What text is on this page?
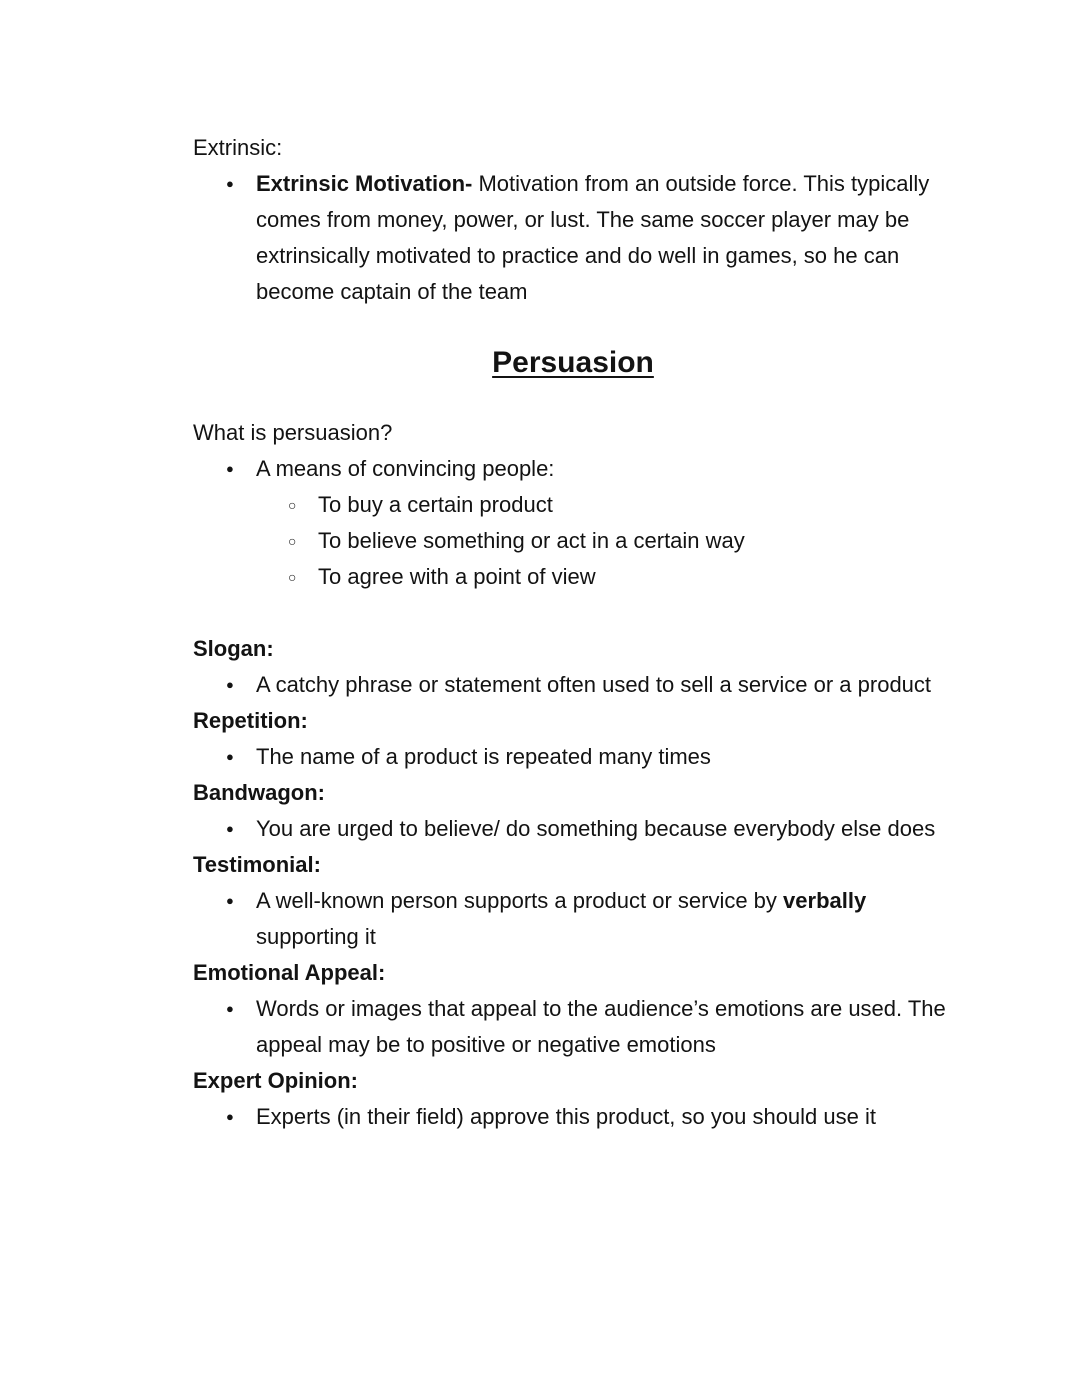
Extrinsic:

● Extrinsic Motivation- Motivation from an outside force. This typically comes from money, power, or lust. The same soccer player may be extrinsically motivated to practice and do well in games, so he can become captain of the team
Persuasion

What is persuasion?

● A means of convincing people:
○ To buy a certain product
○ To believe something or act in a certain way
○ To agree with a point of view

Slogan:

● A catchy phrase or statement often used to sell a service or a product

Repetition:

● The name of a product is repeated many times

Bandwagon:

● You are urged to believe/ do something because everybody else does

Testimonial:

● A well-known person supports a product or service by verbally supporting it

Emotional Appeal:

● Words or images that appeal to the audience’s emotions are used. The appeal may be to positive or negative emotions

Expert Opinion:

● Experts (in their field) approve this product, so you should use it
